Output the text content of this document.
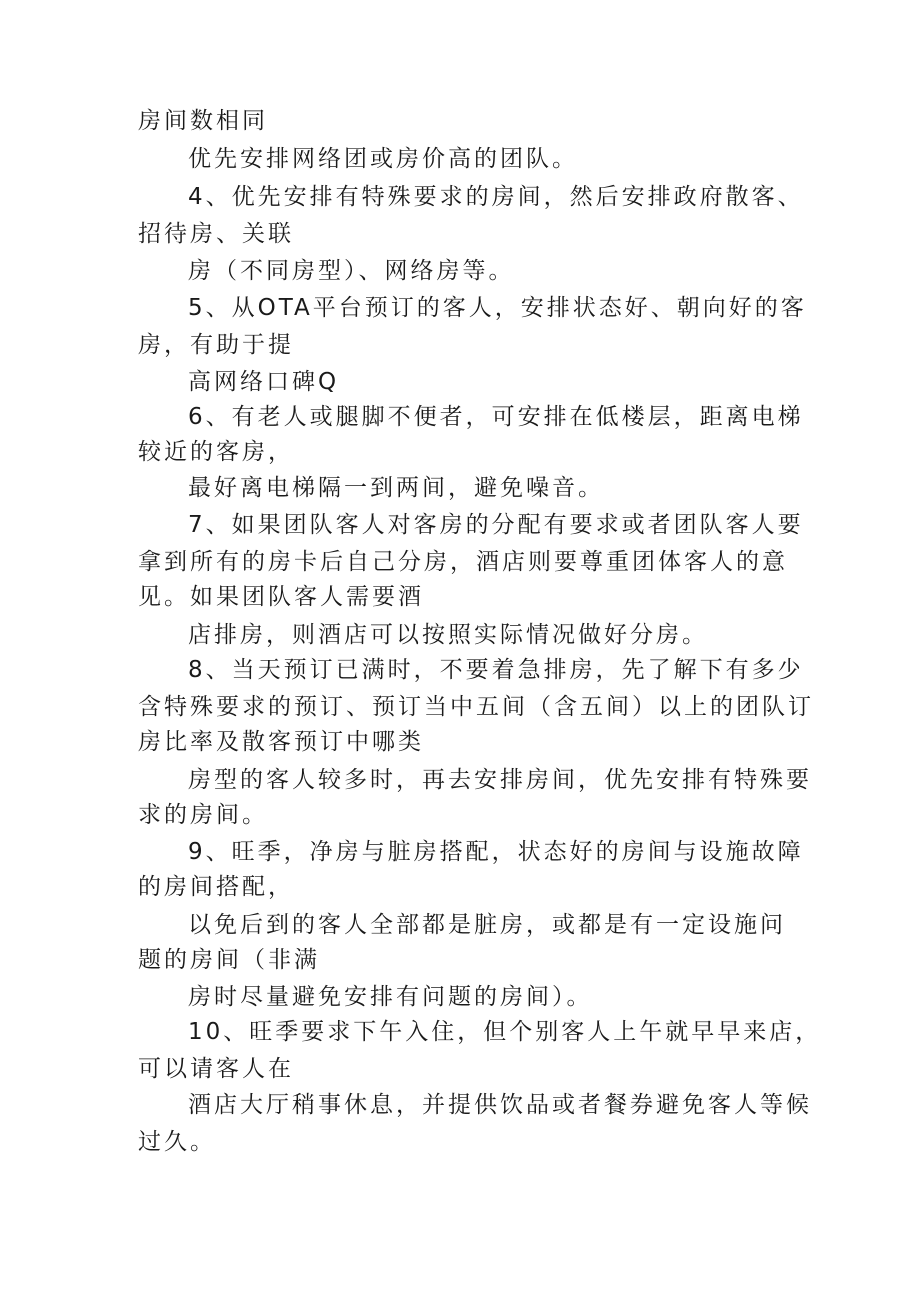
房间数相同

优先安排网络团或房价高的团队。

4、优先安排有特殊要求的房间，然后安排政府散客、

招待房、关联

房（不同房型）、网络房等。

5、从OTA平台预订的客人，安排状态好、朝向好的客

房，有助于提

高网络口碑Q

6、有老人或腿脚不便者，可安排在低楼层，距离电梯

较近的客房，

最好离电梯隔一到两间，避免噪音。

7、如果团队客人对客房的分配有要求或者团队客人要

拿到所有的房卡后自己分房，酒店则要尊重团体客人的意

见。如果团队客人需要酒

店排房，则酒店可以按照实际情况做好分房。

8、当天预订已满时，不要着急排房，先了解下有多少

含特殊要求的预订、预订当中五间（含五间）以上的团队订

房比率及散客预订中哪类

房型的客人较多时，再去安排房间，优先安排有特殊要

求的房间。

9、旺季，净房与脏房搭配，状态好的房间与设施故障

的房间搭配，

以免后到的客人全部都是脏房，或都是有一定设施问

题的房间（非满

房时尽量避免安排有问题的房间）。

10、旺季要求下午入住，但个别客人上午就早早来店，

可以请客人在

酒店大厅稍事休息，并提供饮品或者餐券避免客人等候

过久。
